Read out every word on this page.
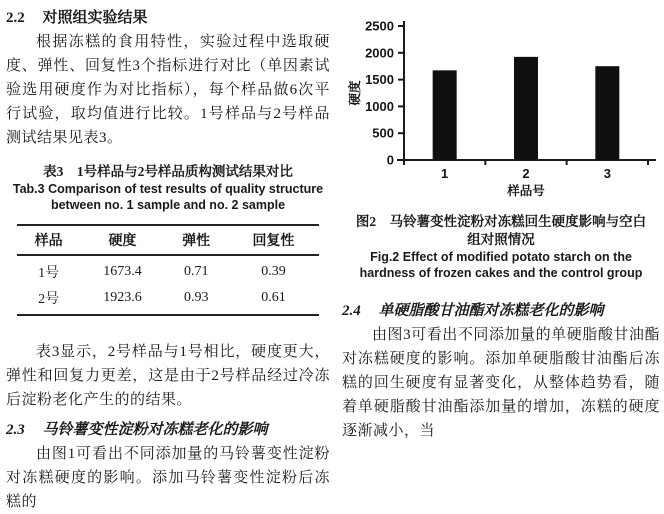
2.2 对照组实验结果

根据冻糕的食用特性，实验过程中选取硬度、弹性、回复性3个指标进行对比（单因素试验选用硬度作为对比指标），每个样品做6次平行试验，取均值进行比较。1号样品与2号样品测试结果见表3。

表3　1号样品与2号样品质构测试结果对比
Tab.3 Comparison of test results of quality structure between no. 1 sample and no. 2 sample
样品	硬度	弹性	回复性
1号	1673.4	0.71	0.39
2号	1923.6	0.93	0.61

表3显示，2号样品与1号相比，硬度更大，弹性和回复力更差，这是由于2号样品经过冷冻后淀粉老化产生的的结果。

2.3 马铃薯变性淀粉对冻糕老化的影响

由图1可看出不同添加量的马铃薯变性淀粉对冻糕硬度的影响。添加马铃薯变性淀粉后冻糕的

0
500
1000
1500
2000
2500
1	2	3
样品号
硬度
图2　马铃薯变性淀粉对冻糕回生硬度影响与空白组对照情况
Fig.2 Effect of modified potato starch on the hardness of frozen cakes and the control group
2.4 单硬脂酸甘油酯对冻糕老化的影响

由图3可看出不同添加量的单硬脂酸甘油酯对冻糕硬度的影响。添加单硬脂酸甘油酯后冻糕的回生硬度有显著变化，从整体趋势看，随着单硬脂酸甘油酯添加量的增加，冻糕的硬度逐渐减小，当
